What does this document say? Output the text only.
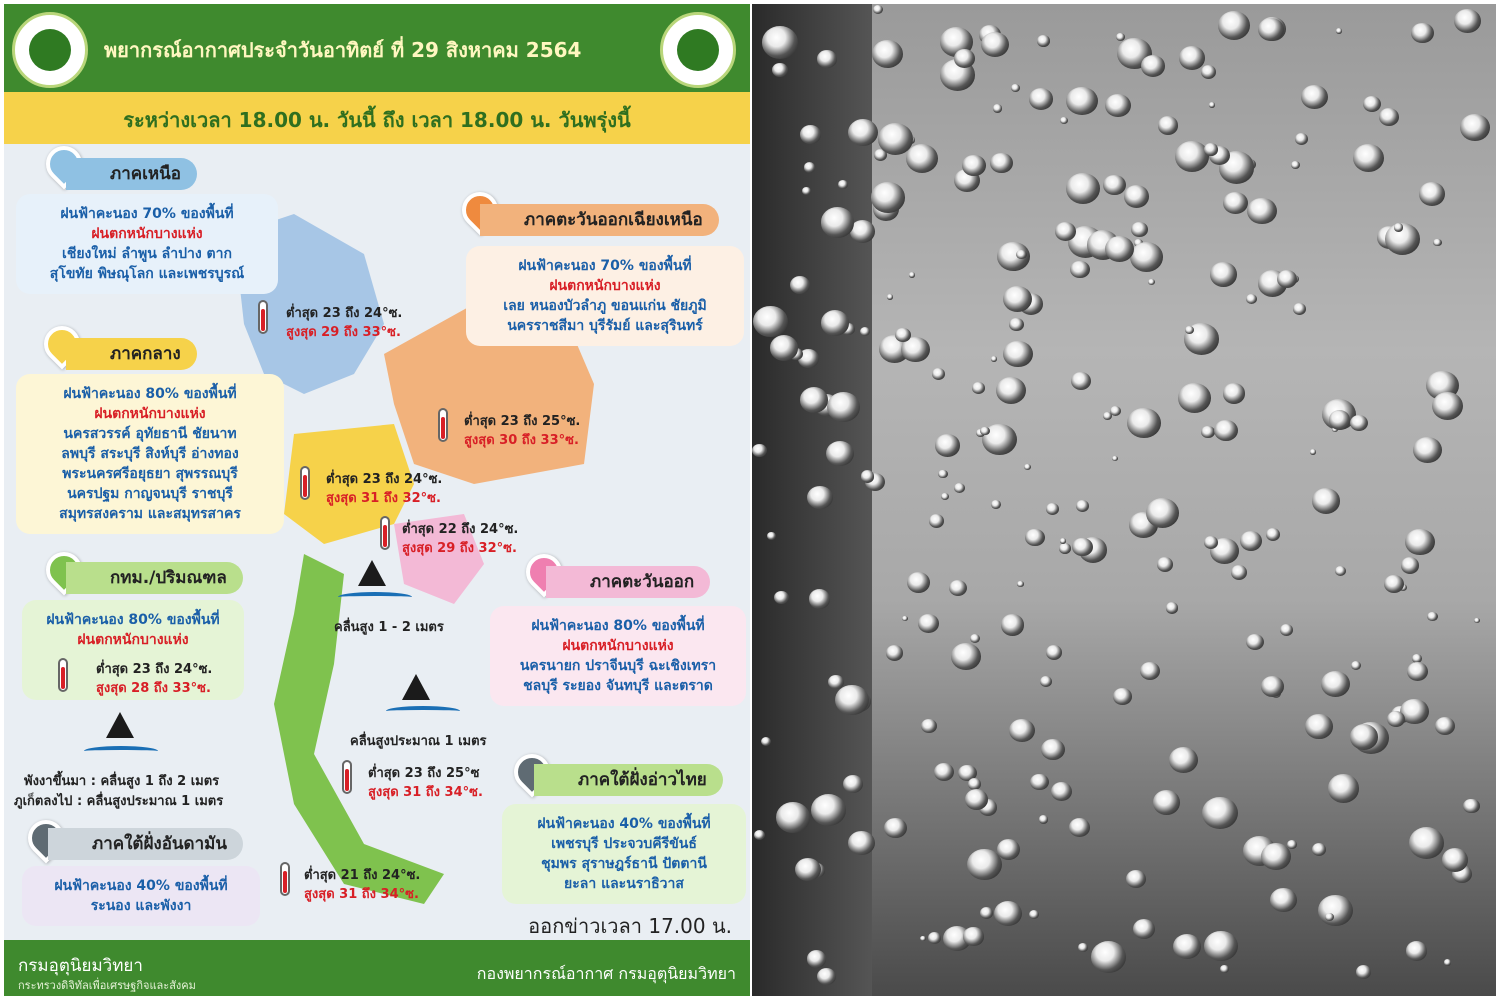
พยากรณ์อากาศประจำวันอาทิตย์ ที่ 29 สิงหาคม 2564
ระหว่างเวลา 18.00 น. วันนี้ ถึง เวลา 18.00 น. วันพรุ่งนี้
ภาคเหนือ
ฝนฟ้าคะนอง 70% ของพื้นที่
ฝนตกหนักบางแห่ง
เชียงใหม่ ลำพูน ลำปาง ตาก
สุโขทัย พิษณุโลก และเพชรบูรณ์
ต่ำสุด 23 ถึง 24°ซ.
สูงสุด 29 ถึง 33°ซ.
ภาคตะวันออกเฉียงเหนือ
ฝนฟ้าคะนอง 70% ของพื้นที่
ฝนตกหนักบางแห่ง
เลย หนองบัวลำภู ขอนแก่น ชัยภูมิ
นครราชสีมา บุรีรัมย์ และสุรินทร์
ต่ำสุด 23 ถึง 25°ซ.
สูงสุด 30 ถึง 33°ซ.
ภาคกลาง
ฝนฟ้าคะนอง 80% ของพื้นที่
ฝนตกหนักบางแห่ง
นครสวรรค์ อุทัยธานี ชัยนาท
ลพบุรี สระบุรี สิงห์บุรี อ่างทอง
พระนครศรีอยุธยา สุพรรณบุรี
นครปฐม กาญจนบุรี ราชบุรี
สมุทรสงคราม และสมุทรสาคร
ต่ำสุด 23 ถึง 24°ซ.
สูงสุด 31 ถึง 32°ซ.
ต่ำสุด 22 ถึง 24°ซ.
สูงสุด 29 ถึง 32°ซ.
กทม./ปริมณฑล
ฝนฟ้าคะนอง 80% ของพื้นที่
ฝนตกหนักบางแห่ง
ต่ำสุด 23 ถึง 24°ซ.
สูงสุด 28 ถึง 33°ซ.
ภาคตะวันออก
ฝนฟ้าคะนอง 80% ของพื้นที่
ฝนตกหนักบางแห่ง
นครนายก ปราจีนบุรี ฉะเชิงเทรา
ชลบุรี ระยอง จันทบุรี และตราด
คลื่นสูง 1 - 2 เมตร
คลื่นสูงประมาณ 1 เมตร
พังงาขึ้นมา : คลื่นสูง 1 ถึง 2 เมตร
ภูเก็ตลงไป : คลื่นสูงประมาณ 1 เมตร
ต่ำสุด 23 ถึง 25°ซ
สูงสุด 31 ถึง 34°ซ.
ภาคใต้ฝั่งอ่าวไทย
ฝนฟ้าคะนอง 40% ของพื้นที่
เพชรบุรี ประจวบคีรีขันธ์
ชุมพร สุราษฎร์ธานี ปัตตานี
ยะลา และนราธิวาส
ภาคใต้ฝั่งอันดามัน
ฝนฟ้าคะนอง 40% ของพื้นที่
ระนอง และพังงา
ต่ำสุด 21 ถึง 24°ซ.
สูงสุด 31 ถึง 34°ซ.
ออกข่าวเวลา 17.00 น.
กรมอุตุนิยมวิทยา
กระทรวงดิจิทัลเพื่อเศรษฐกิจและสังคม
กองพยากรณ์อากาศ กรมอุตุนิยมวิทยา
